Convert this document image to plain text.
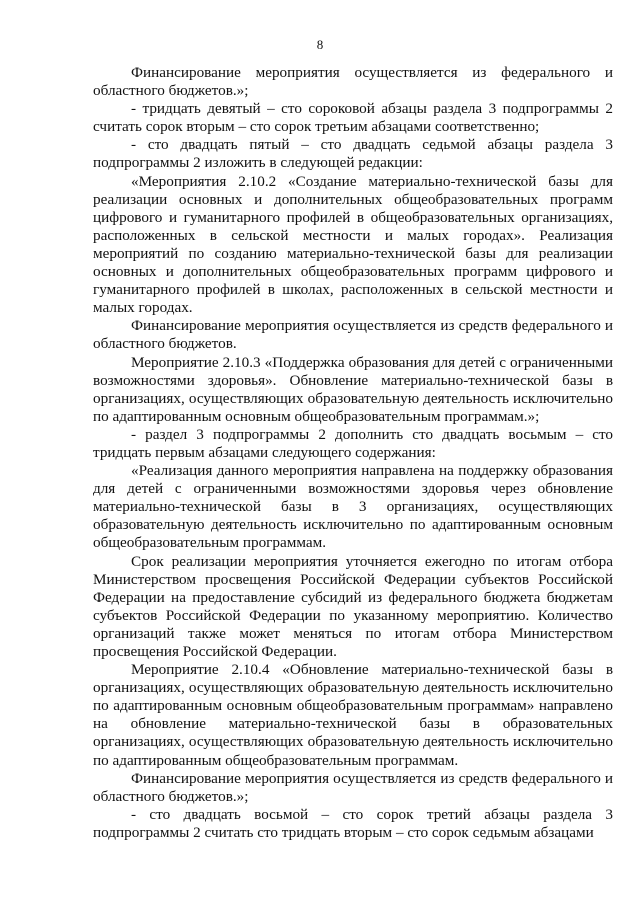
8

Финансирование мероприятия осуществляется из федерального и областного бюджетов.»;

- тридцать девятый – сто сороковой абзацы раздела 3 подпрограммы 2 считать сорок вторым – сто сорок третьим абзацами соответственно;

- сто двадцать пятый – сто двадцать седьмой абзацы раздела 3 подпрограммы 2 изложить в следующей редакции:

«Мероприятия 2.10.2 «Создание материально-технической базы для реализации основных и дополнительных общеобразовательных программ цифрового и гуманитарного профилей в общеобразовательных организациях, расположенных в сельской местности и малых городах». Реализация мероприятий по созданию материально-технической базы для реализации основных и дополнительных общеобразовательных программ цифрового и гуманитарного профилей в школах, расположенных в сельской местности и малых городах.

Финансирование мероприятия осуществляется из средств федерального и областного бюджетов.

Мероприятие 2.10.3 «Поддержка образования для детей с ограниченными возможностями здоровья». Обновление материально-технической базы в организациях, осуществляющих образовательную деятельность исключительно по адаптированным основным общеобразовательным программам.»;

- раздел 3 подпрограммы 2 дополнить сто двадцать восьмым – сто тридцать первым абзацами следующего содержания:

«Реализация данного мероприятия направлена на поддержку образования для детей с ограниченными возможностями здоровья через обновление материально-технической базы в 3 организациях, осуществляющих образовательную деятельность исключительно по адаптированным основным общеобразовательным программам.

Срок реализации мероприятия уточняется ежегодно по итогам отбора Министерством просвещения Российской Федерации субъектов Российской Федерации на предоставление субсидий из федерального бюджета бюджетам субъектов Российской Федерации по указанному мероприятию. Количество организаций также может меняться по итогам отбора Министерством просвещения Российской Федерации.

Мероприятие 2.10.4 «Обновление материально-технической базы в организациях, осуществляющих образовательную деятельность исключительно по адаптированным основным общеобразовательным программам» направлено на обновление материально-технической базы в образовательных организациях, осуществляющих образовательную деятельность исключительно по адаптированным общеобразовательным программам.

Финансирование мероприятия осуществляется из средств федерального и областного бюджетов.»;

- сто двадцать восьмой – сто сорок третий абзацы раздела 3 подпрограммы 2 считать сто тридцать вторым – сто сорок седьмым абзацами
